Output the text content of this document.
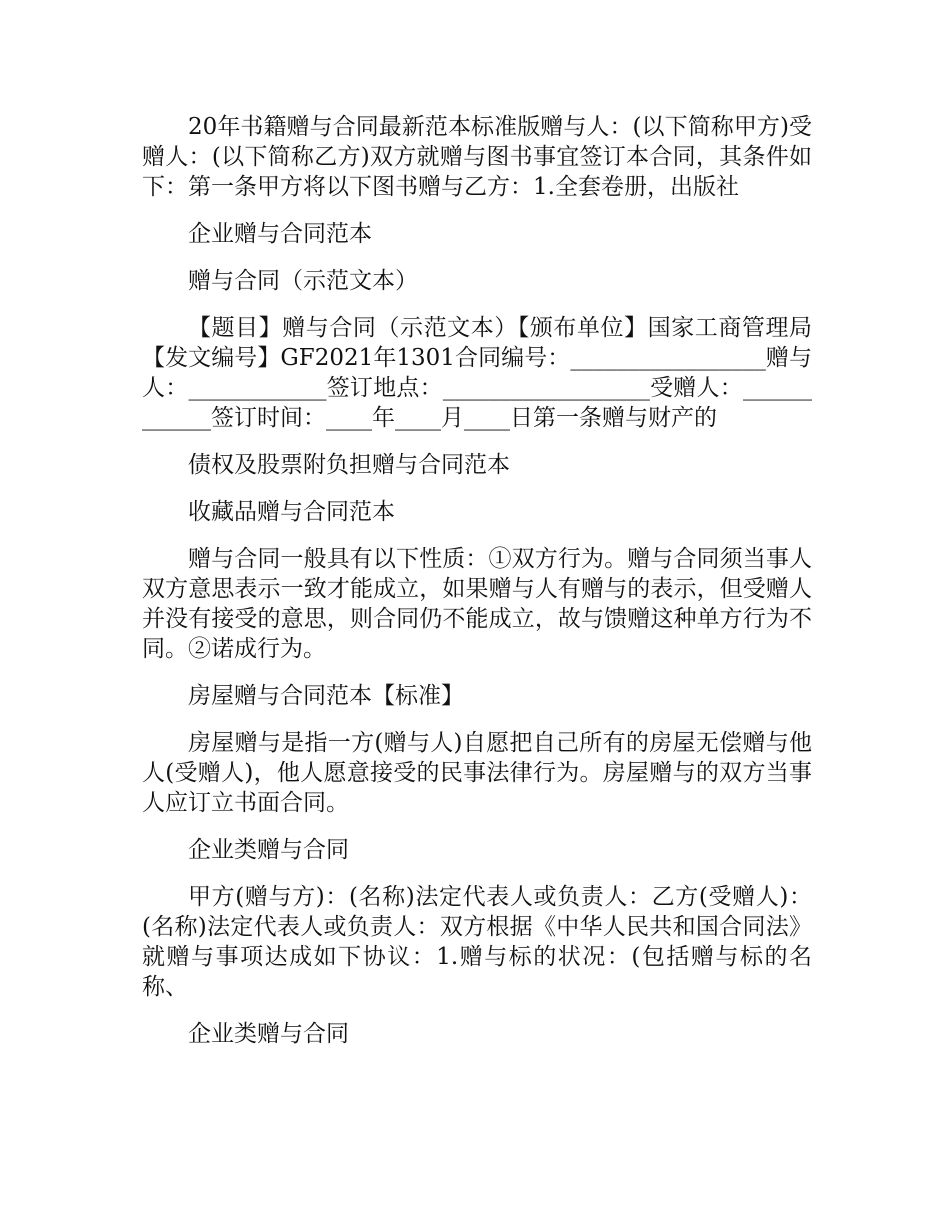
20年书籍赠与合同最新范本标准版赠与人：(以下简称甲方)受赠人：(以下简称乙方)双方就赠与图书事宜签订本合同，其条件如下：第一条甲方将以下图书赠与乙方：1.全套卷册，出版社

企业赠与合同范本

赠与合同（示范文本）

【题目】赠与合同（示范文本）【颁布单位】国家工商管理局【发文编号】GF2021年1301合同编号：_________________赠与人：____________签订地点：__________________受赠人：____________签订时间：____年____月____日第一条赠与财产的

债权及股票附负担赠与合同范本

收藏品赠与合同范本

赠与合同一般具有以下性质：①双方行为。赠与合同须当事人双方意思表示一致才能成立，如果赠与人有赠与的表示，但受赠人并没有接受的意思，则合同仍不能成立，故与馈赠这种单方行为不同。②诺成行为。

房屋赠与合同范本【标准】

房屋赠与是指一方(赠与人)自愿把自己所有的房屋无偿赠与他人(受赠人)，他人愿意接受的民事法律行为。房屋赠与的双方当事人应订立书面合同。

企业类赠与合同

甲方(赠与方)：(名称)法定代表人或负责人：乙方(受赠人)：(名称)法定代表人或负责人：双方根据《中华人民共和国合同法》就赠与事项达成如下协议：1.赠与标的状况：(包括赠与标的名称、

企业类赠与合同
